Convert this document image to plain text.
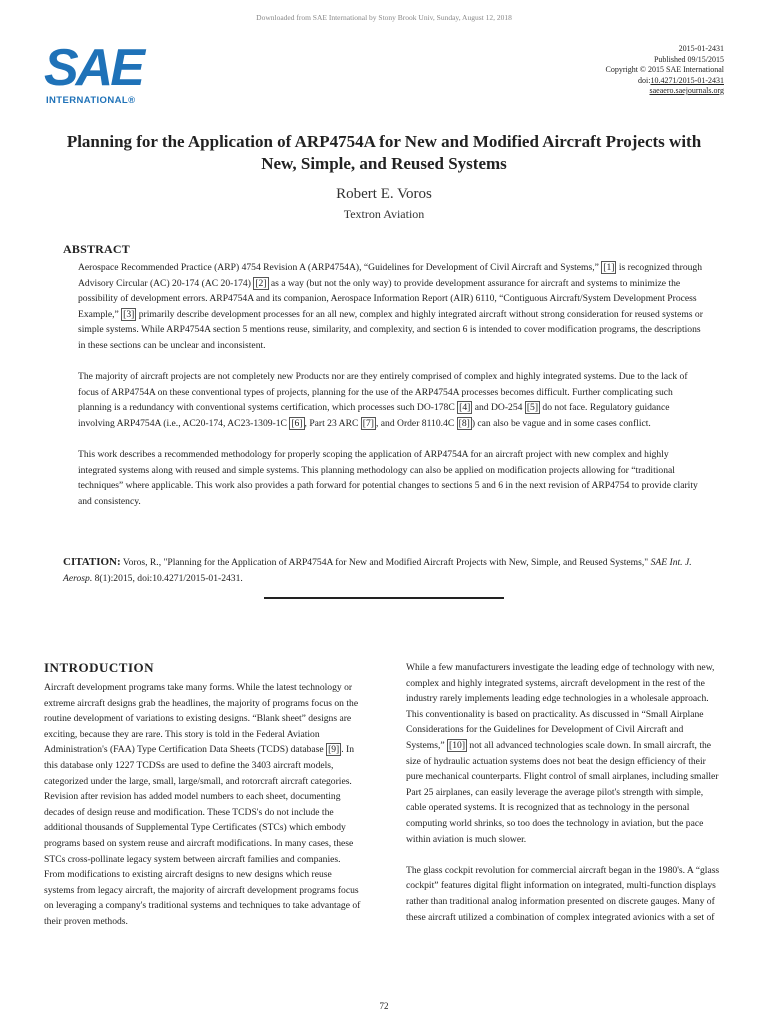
Downloaded from SAE International by Stony Brook Univ, Sunday, August 12, 2018
SAE
INTERNATIONAL®
2015-01-2431
Published 09/15/2015
Copyright © 2015 SAE International
doi:10.4271/2015-01-2431
saeaero.saejournals.org
Planning for the Application of ARP4754A for New and Modified Aircraft Projects with New, Simple, and Reused Systems
Robert E. Voros
Textron Aviation
ABSTRACT

Aerospace Recommended Practice (ARP) 4754 Revision A (ARP4754A), “Guidelines for Development of Civil Aircraft and Systems,” [1] is recognized through Advisory Circular (AC) 20-174 (AC 20-174) [2] as a way (but not the only way) to provide development assurance for aircraft and systems to minimize the possibility of development errors. ARP4754A and its companion, Aerospace Information Report (AIR) 6110, “Contiguous Aircraft/System Development Process Example,” [3] primarily describe development processes for an all new, complex and highly integrated aircraft without strong consideration for reused systems or simple systems. While ARP4754A section 5 mentions reuse, similarity, and complexity, and section 6 is intended to cover modification programs, the descriptions in these sections can be unclear and inconsistent.

The majority of aircraft projects are not completely new Products nor are they entirely comprised of complex and highly integrated systems. Due to the lack of focus of ARP4754A on these conventional types of projects, planning for the use of the ARP4754A processes becomes difficult. Further complicating such planning is a redundancy with conventional systems certification, which processes such DO-178C [4] and DO-254 [5] do not face. Regulatory guidance involving ARP4754A (i.e., AC20-174, AC23-1309-1C [6] , Part 23 ARC [7] , and Order 8110.4C [8] ) can also be vague and in some cases conflict.

This work describes a recommended methodology for properly scoping the application of ARP4754A for an aircraft project with new complex and highly integrated systems along with reused and simple systems. This planning methodology can also be applied on modification projects allowing for “traditional techniques” where applicable. This work also provides a path forward for potential changes to sections 5 and 6 in the next revision of ARP4754 to provide clarity and consistency.

CITATION: Voros, R., "Planning for the Application of ARP4754A for New and Modified Aircraft Projects with New, Simple, and Reused Systems," SAE Int. J. Aerosp. 8(1):2015, doi:10.4271/2015-01-2431.
INTRODUCTION

Aircraft development programs take many forms. While the latest technology or extreme aircraft designs grab the headlines, the majority of programs focus on the routine development of variations to existing designs. “Blank sheet” designs are exciting, because they are rare. This story is told in the Federal Aviation Administration's (FAA) Type Certification Data Sheets (TCDS) database [9] . In this database only 1227 TCDSs are used to define the 3403 aircraft models, categorized under the large, small, large/small, and rotorcraft aircraft categories. Revision after revision has added model numbers to each sheet, documenting decades of design reuse and modification. These TCDS's do not include the additional thousands of Supplemental Type Certificates (STCs) which embody programs based on system reuse and aircraft modifications. In many cases, these STCs cross-pollinate legacy system between aircraft families and companies. From modifications to existing aircraft designs to new designs which reuse systems from legacy aircraft, the majority of aircraft development programs focus on leveraging a company's traditional systems and techniques to take advantage of their proven methods.

While a few manufacturers investigate the leading edge of technology with new, complex and highly integrated systems, aircraft development in the rest of the industry rarely implements leading edge technologies in a wholesale approach. This conventionality is based on practicality. As discussed in “Small Airplane Considerations for the Guidelines for Development of Civil Aircraft and Systems,” [10] not all advanced technologies scale down. In small aircraft, the size of hydraulic actuation systems does not beat the design efficiency of their pure mechanical counterparts. Flight control of small airplanes, including smaller Part 25 airplanes, can easily leverage the average pilot's strength with simple, cable operated systems. It is recognized that as technology in the personal computing world shrinks, so too does the technology in aviation, but the pace within aviation is much slower.

The glass cockpit revolution for commercial aircraft began in the 1980's. A “glass cockpit” features digital flight information on integrated, multi-function displays rather than traditional analog information presented on discrete gauges. Many of these aircraft utilized a combination of complex integrated avionics with a set of

72
